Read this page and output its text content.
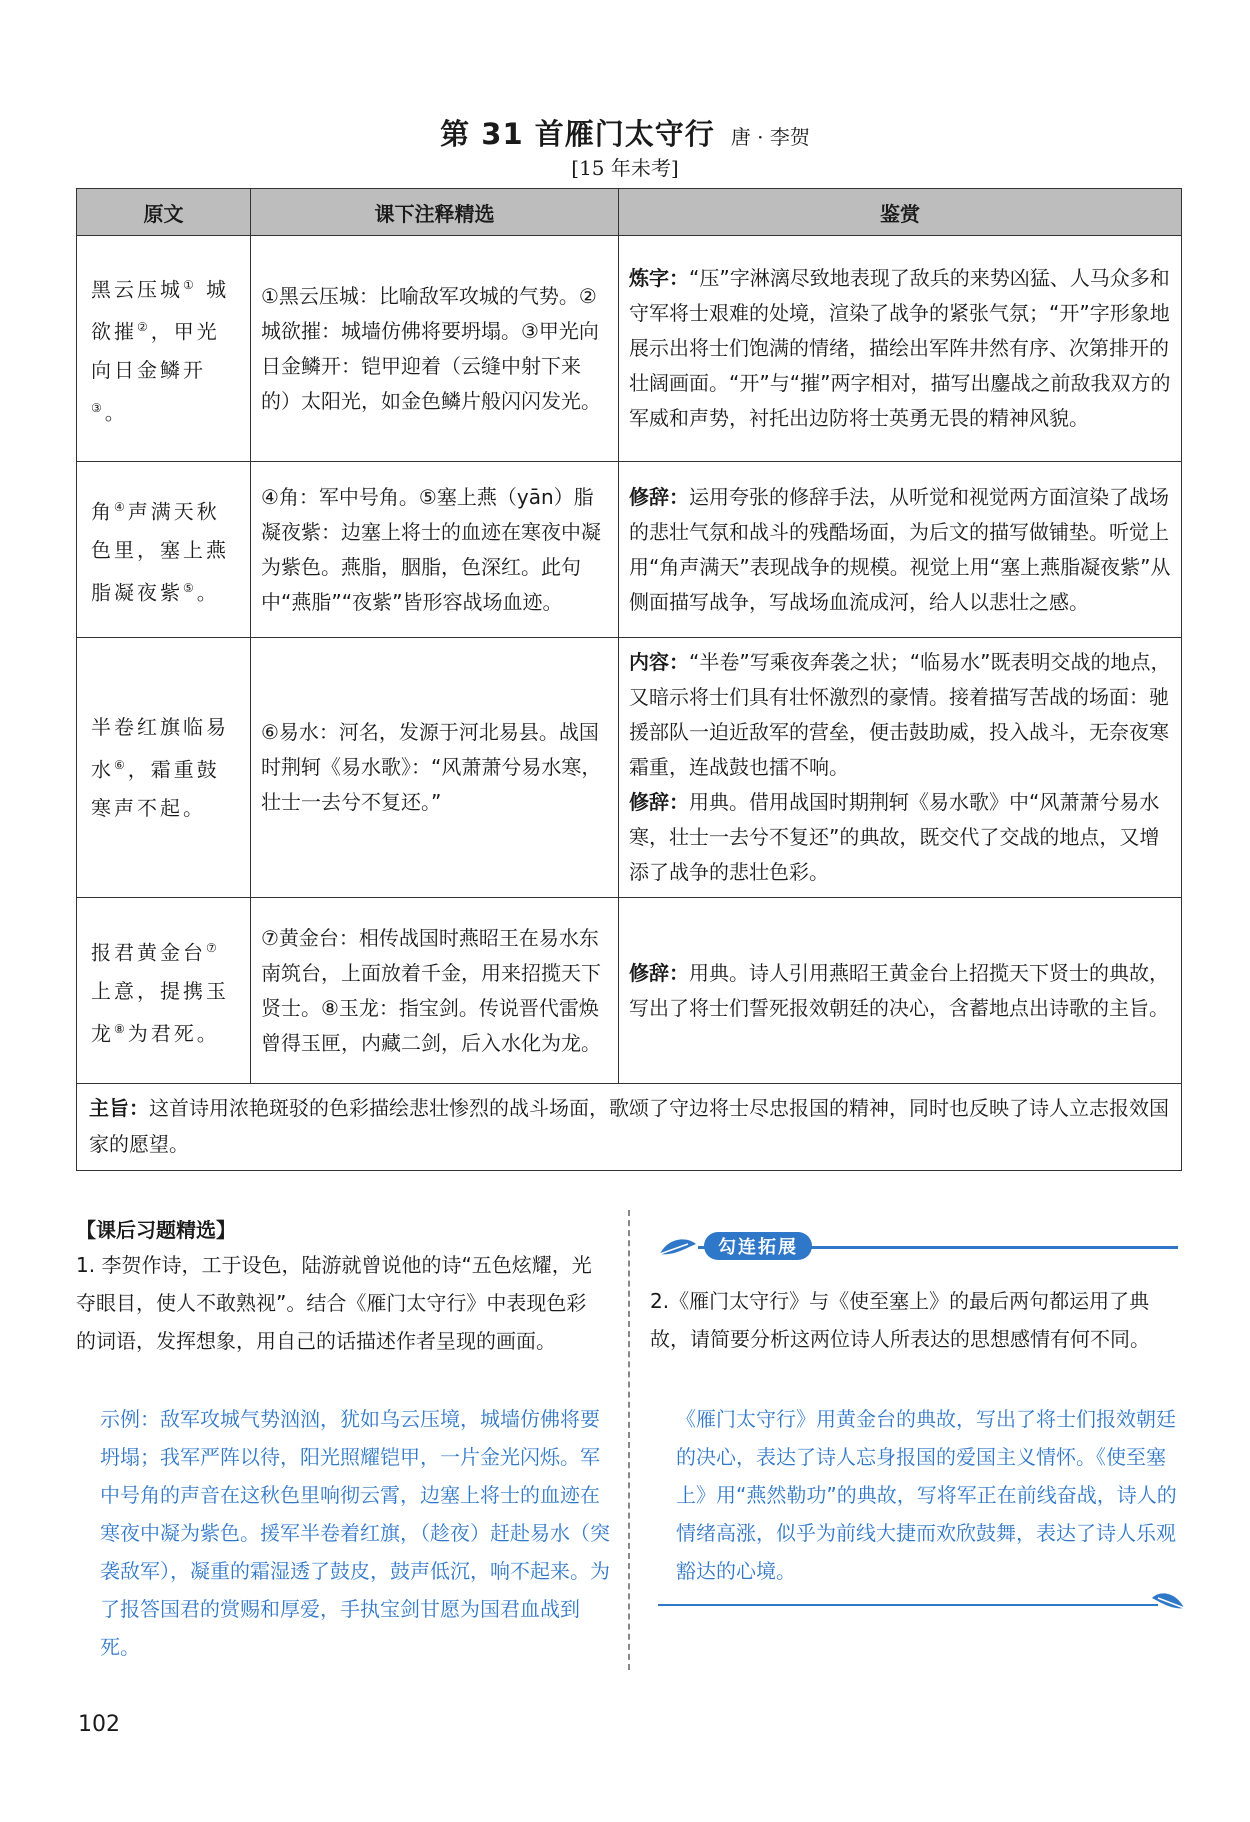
第 31 首雁门太守行 唐 · 李贺
[15 年未考]
原文	课下注释精选	鉴赏
黑云压城① 城欲摧②，甲光向日金鳞开③。	①黑云压城：比喻敌军攻城的气势。②城欲摧：城墙仿佛将要坍塌。③甲光向日金鳞开：铠甲迎着（云缝中射下来的）太阳光，如金色鳞片般闪闪发光。	炼字：“压”字淋漓尽致地表现了敌兵的来势凶猛、人马众多和守军将士艰难的处境，渲染了战争的紧张气氛；“开”字形象地展示出将士们饱满的情绪，描绘出军阵井然有序、次第排开的壮阔画面。“开”与“摧”两字相对，描写出鏖战之前敌我双方的军威和声势，衬托出边防将士英勇无畏的精神风貌。
角④声满天秋色里，塞上燕脂凝夜紫⑤。	④角：军中号角。⑤塞上燕（yān）脂凝夜紫：边塞上将士的血迹在寒夜中凝为紫色。燕脂，胭脂，色深红。此句中“燕脂”“夜紫”皆形容战场血迹。	修辞：运用夸张的修辞手法，从听觉和视觉两方面渲染了战场的悲壮气氛和战斗的残酷场面，为后文的描写做铺垫。听觉上用“角声满天”表现战争的规模。视觉上用“塞上燕脂凝夜紫”从侧面描写战争，写战场血流成河，给人以悲壮之感。
半卷红旗临易水⑥，霜重鼓寒声不起。	⑥易水：河名，发源于河北易县。战国时荆轲《易水歌》：“风萧萧兮易水寒，壮士一去兮不复还。”	内容：“半卷”写乘夜奔袭之状；“临易水”既表明交战的地点，又暗示将士们具有壮怀激烈的豪情。接着描写苦战的场面：驰援部队一迫近敌军的营垒，便击鼓助威，投入战斗，无奈夜寒霜重，连战鼓也擂不响。
修辞：用典。借用战国时期荆轲《易水歌》中“风萧萧兮易水寒，壮士一去兮不复还”的典故，既交代了交战的地点，又增添了战争的悲壮色彩。
报君黄金台⑦上意，提携玉龙⑧为君死。	⑦黄金台：相传战国时燕昭王在易水东南筑台，上面放着千金，用来招揽天下贤士。⑧玉龙：指宝剑。传说晋代雷焕曾得玉匣，内藏二剑，后入水化为龙。	修辞：用典。诗人引用燕昭王黄金台上招揽天下贤士的典故，写出了将士们誓死报效朝廷的决心，含蓄地点出诗歌的主旨。
主旨：这首诗用浓艳斑驳的色彩描绘悲壮惨烈的战斗场面，歌颂了守边将士尽忠报国的精神，同时也反映了诗人立志报效国家的愿望。		
【课后习题精选】
1. 李贺作诗，工于设色，陆游就曾说他的诗“五色炫耀，光夺眼目，使人不敢熟视”。结合《雁门太守行》中表现色彩的词语，发挥想象，用自己的话描述作者呈现的画面。
示例：敌军攻城气势汹汹，犹如乌云压境，城墙仿佛将要坍塌；我军严阵以待，阳光照耀铠甲，一片金光闪烁。军中号角的声音在这秋色里响彻云霄，边塞上将士的血迹在寒夜中凝为紫色。援军半卷着红旗，（趁夜）赶赴易水（突袭敌军），凝重的霜湿透了鼓皮，鼓声低沉，响不起来。为了报答国君的赏赐和厚爱，手执宝剑甘愿为国君血战到死。
勾连拓展
2.《雁门太守行》与《使至塞上》的最后两句都运用了典故，请简要分析这两位诗人所表达的思想感情有何不同。
《雁门太守行》用黄金台的典故，写出了将士们报效朝廷的决心，表达了诗人忘身报国的爱国主义情怀。《使至塞上》用“燕然勒功”的典故，写将军正在前线奋战，诗人的情绪高涨，似乎为前线大捷而欢欣鼓舞，表达了诗人乐观豁达的心境。
102
